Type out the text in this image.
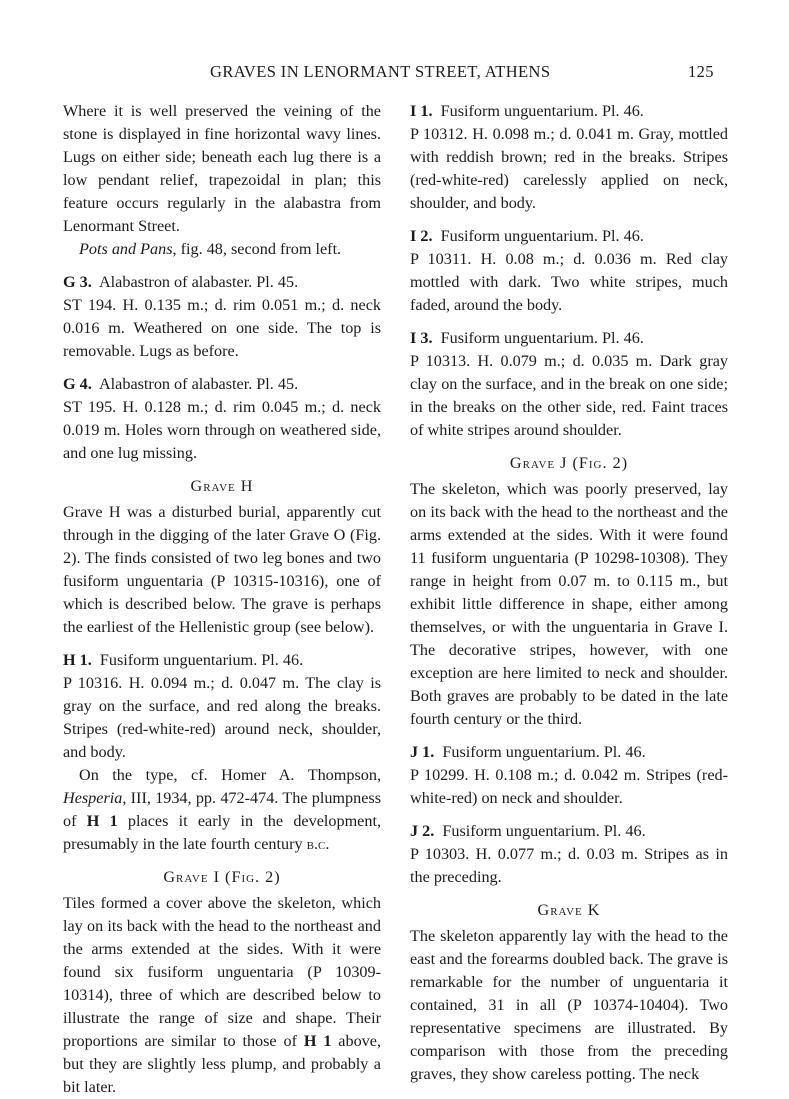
GRAVES IN LENORMANT STREET, ATHENS	125

Where it is well preserved the veining of the stone is displayed in fine horizontal wavy lines. Lugs on either side; beneath each lug there is a low pendant relief, trapezoidal in plan; this feature occurs regularly in the alabastra from Lenormant Street.

Pots and Pans, fig. 48, second from left.

G 3. Alabastron of alabaster. Pl. 45.

ST 194. H. 0.135 m.; d. rim 0.051 m.; d. neck 0.016 m. Weathered on one side. The top is removable. Lugs as before.

G 4. Alabastron of alabaster. Pl. 45.

ST 195. H. 0.128 m.; d. rim 0.045 m.; d. neck 0.019 m. Holes worn through on weathered side, and one lug missing.

Grave H

Grave H was a disturbed burial, apparently cut through in the digging of the later Grave O (Fig. 2). The finds consisted of two leg bones and two fusiform unguentaria (P 10315-10316), one of which is described below. The grave is perhaps the earliest of the Hellenistic group (see below).

H 1. Fusiform unguentarium. Pl. 46.

P 10316. H. 0.094 m.; d. 0.047 m. The clay is gray on the surface, and red along the breaks. Stripes (red-white-red) around neck, shoulder, and body.

On the type, cf. Homer A. Thompson, Hesperia, III, 1934, pp. 472-474. The plumpness of H 1 places it early in the development, presumably in the late fourth century b.c.

Grave I (Fig. 2)

Tiles formed a cover above the skeleton, which lay on its back with the head to the northeast and the arms extended at the sides. With it were found six fusiform unguentaria (P 10309-10314), three of which are described below to illustrate the range of size and shape. Their proportions are similar to those of H 1 above, but they are slightly less plump, and probably a bit later.

I 1. Fusiform unguentarium. Pl. 46.

P 10312. H. 0.098 m.; d. 0.041 m. Gray, mottled with reddish brown; red in the breaks. Stripes (red-white-red) carelessly applied on neck, shoulder, and body.

I 2. Fusiform unguentarium. Pl. 46.

P 10311. H. 0.08 m.; d. 0.036 m. Red clay mottled with dark. Two white stripes, much faded, around the body.

I 3. Fusiform unguentarium. Pl. 46.

P 10313. H. 0.079 m.; d. 0.035 m. Dark gray clay on the surface, and in the break on one side; in the breaks on the other side, red. Faint traces of white stripes around shoulder.

Grave J (Fig. 2)

The skeleton, which was poorly preserved, lay on its back with the head to the northeast and the arms extended at the sides. With it were found 11 fusiform unguentaria (P 10298-10308). They range in height from 0.07 m. to 0.115 m., but exhibit little difference in shape, either among themselves, or with the unguentaria in Grave I. The decorative stripes, however, with one exception are here limited to neck and shoulder. Both graves are probably to be dated in the late fourth century or the third.

J 1. Fusiform unguentarium. Pl. 46.

P 10299. H. 0.108 m.; d. 0.042 m. Stripes (red-white-red) on neck and shoulder.

J 2. Fusiform unguentarium. Pl. 46.

P 10303. H. 0.077 m.; d. 0.03 m. Stripes as in the preceding.

Grave K

The skeleton apparently lay with the head to the east and the forearms doubled back. The grave is remarkable for the number of unguentaria it contained, 31 in all (P 10374-10404). Two representative specimens are illustrated. By comparison with those from the preceding graves, they show careless potting. The neck
